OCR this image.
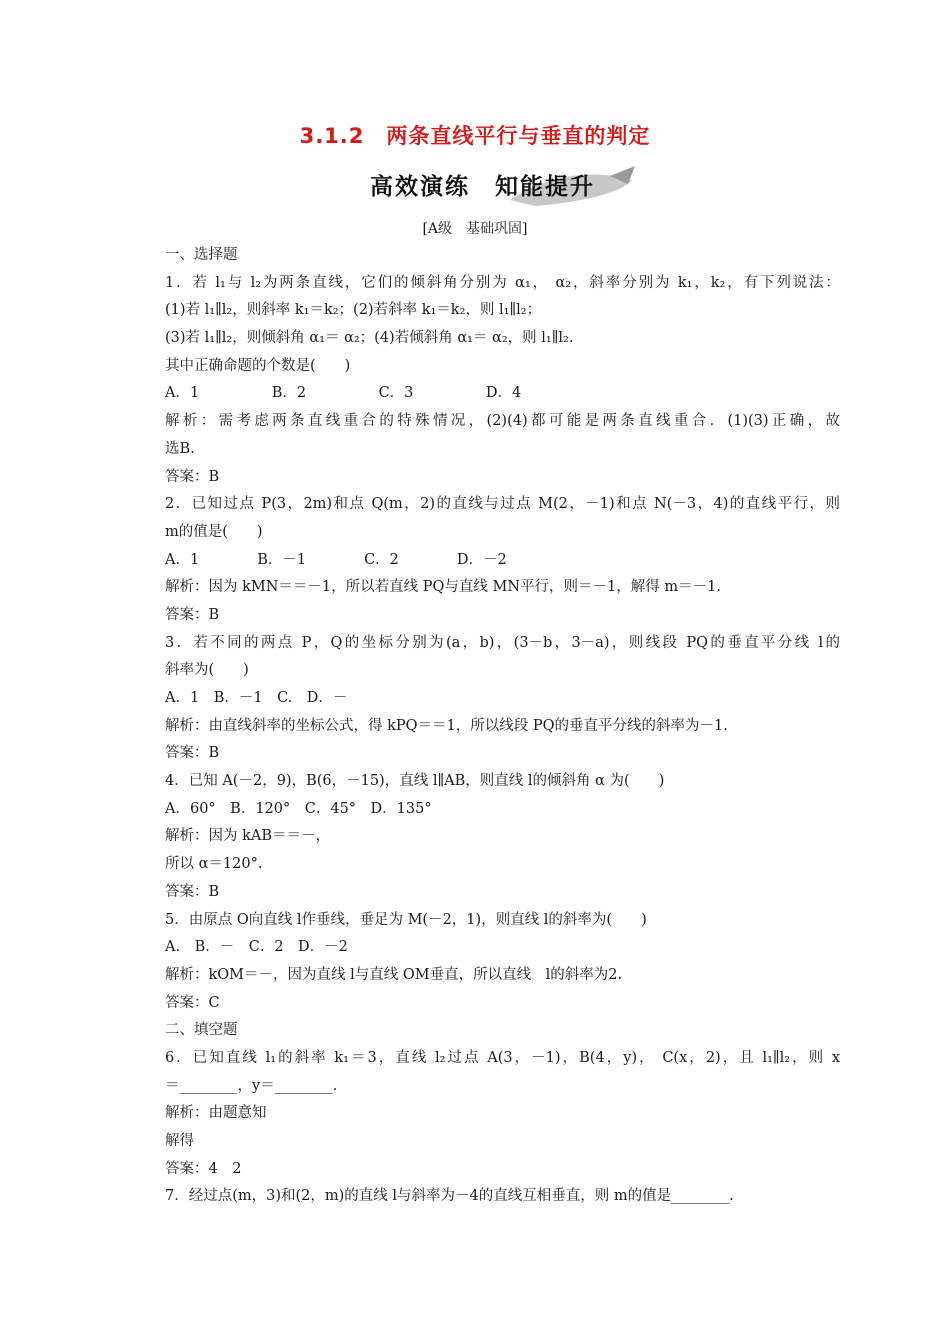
3.1.2　两条直线平行与垂直的判定
高效演练　知能提升
[A级　基础巩固]
一、选择题
1．若 l₁与 l₂为两条直线，它们的倾斜角分别为 α₁， α₂，斜率分别为 k₁，k₂，有下列说法：
(1)若 l₁∥l₂，则斜率 k₁＝k₂；(2)若斜率 k₁＝k₂，则 l₁∥l₂；
(3)若 l₁∥l₂，则倾斜角 α₁＝ α₂；(4)若倾斜角 α₁＝ α₂，则 l₁∥l₂.
其中正确命题的个数是(　　)
A．1　　　　　B．2　　　　　C．3　　　　　D．4
解析：需考虑两条直线重合的特殊情况，(2)(4)都可能是两条直线重合．(1)(3)正确，故
选B.
答案：B
2．已知过点 P(3，2m)和点 Q(m，2)的直线与过点 M(2，－1)和点 N(－3，4)的直线平行，则
m的值是(　　)
A．1　　　　B．－1　　　　C．2　　　　D．－2
解析：因为 kMN＝＝－1，所以若直线 PQ与直线 MN平行，则＝－1，解得 m＝－1.
答案：B
3．若不同的两点 P，Q的坐标分别为(a，b)，(3－b，3－a)，则线段 PQ的垂直平分线 l的
斜率为(　　)
A．1　B．－1　C.　D．－
解析：由直线斜率的坐标公式，得 kPQ＝＝1，所以线段 PQ的垂直平分线的斜率为－1.
答案：B
4．已知 A(－2，9)，B(6，－15)，直线 l∥AB，则直线 l的倾斜角 α 为(　　)
A．60°　B．120°　C．45°　D．135°
解析：因为 kAB＝＝－，
所以 α＝120°.
答案：B
5．由原点 O向直线 l作垂线，垂足为 M(－2，1)，则直线 l的斜率为(　　)
A.　B．－　C．2　D．－2
解析：kOM＝－，因为直线 l与直线 OM垂直，所以直线　l的斜率为2.
答案：C
二、填空题
6．已知直线 l₁的斜率 k₁＝3，直线 l₂过点 A(3，－1)，B(4，y)， C(x，2)，且 l₁∥l₂，则 x
＝________，y＝________.
解析：由题意知
解得
答案：4　2
7．经过点(m，3)和(2，m)的直线 l与斜率为－4的直线互相垂直，则 m的值是________.
